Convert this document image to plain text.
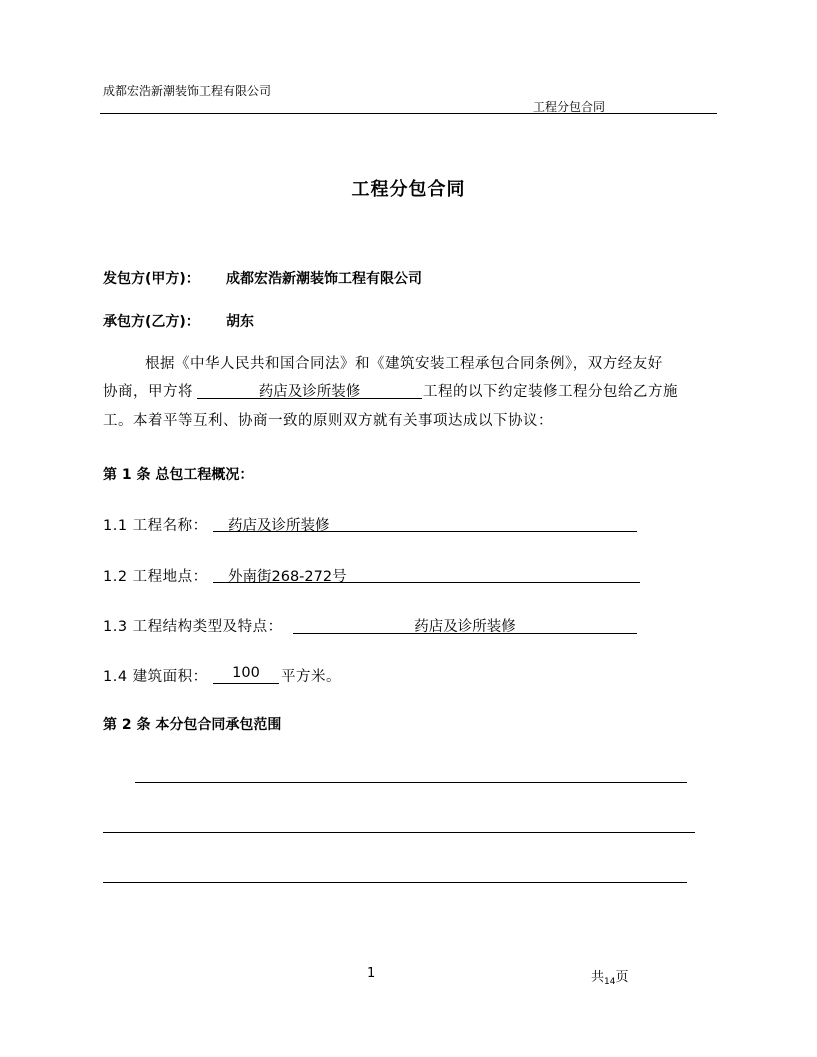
成都宏浩新潮装饰工程有限公司
工程分包合同
工程分包合同
发包方(甲方)： 成都宏浩新潮装饰工程有限公司
承包方(乙方)： 胡东
根据《中华人民共和国合同法》和《建筑安装工程承包合同条例》，双方经友好
协商，甲方将	药店及诊所装修	工程的以下约定装修工程分包给乙方施
工。本着平等互利、协商一致的原则双方就有关事项达成以下协议：
第 1 条 总包工程概况：
1.1 工程名称：	药店及诊所装修
1.2 工程地点：	外南街268-272号
1.3 工程结构类型及特点：	药店及诊所装修
1.4 建筑面积：	100	平方米。
第 2 条 本分包合同承包范围
1	共$_{14}$页
